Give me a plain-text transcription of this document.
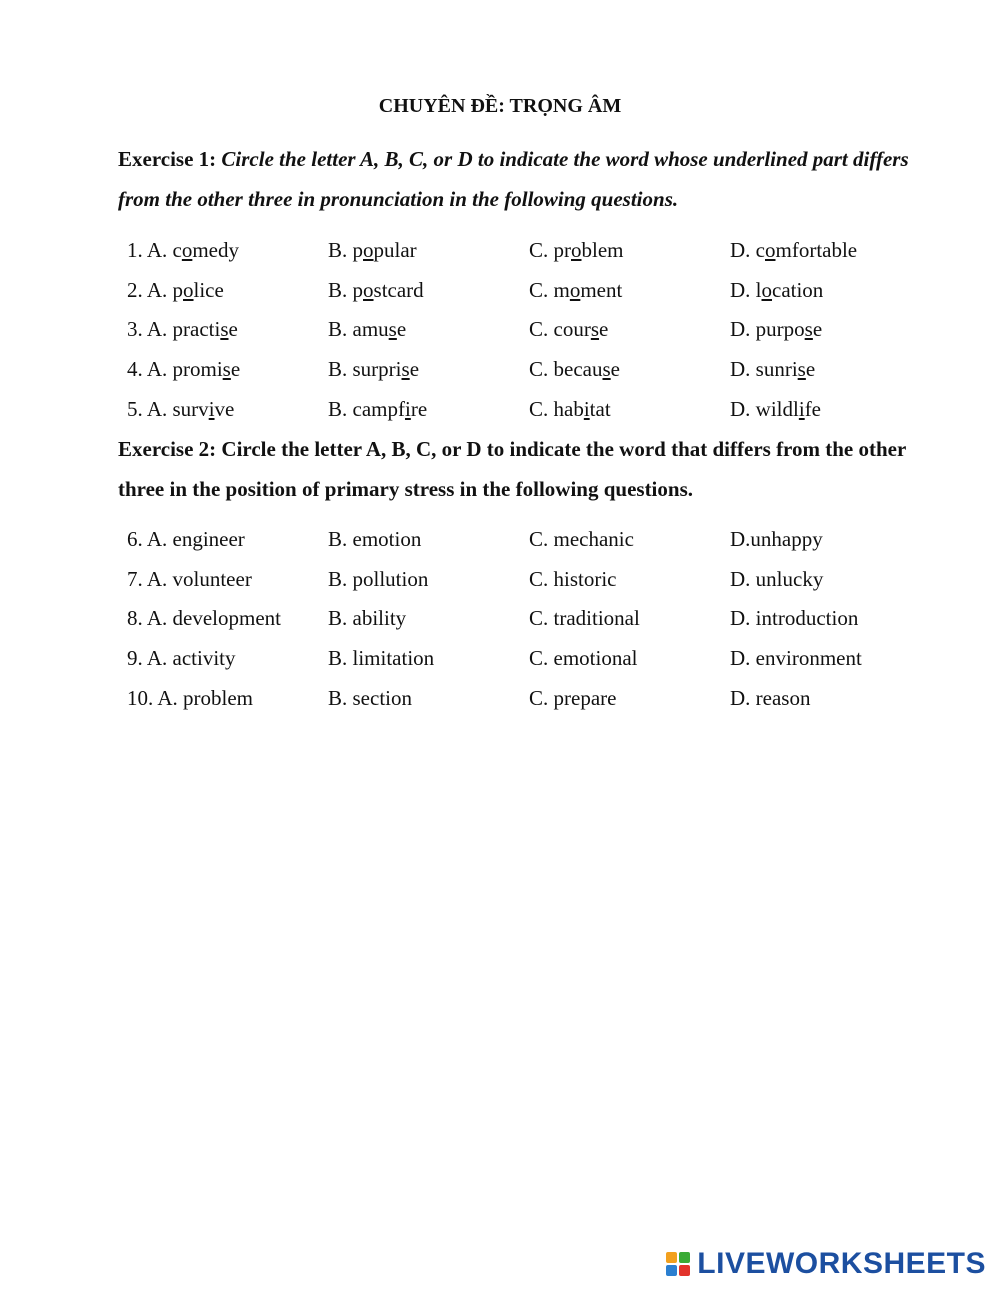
CHUYÊN ĐỀ: TRỌNG ÂM
Exercise 1: Circle the letter A, B, C, or D to indicate the word whose underlined part differs from the other three in pronunciation in the following questions.
1. A. comedy	B. popular	C. problem	D. comfortable
2. A. police	B. postcard	C. moment	D. location
3. A. practise	B. amuse	C. course	D. purpose
4. A. promise	B. surprise	C. because	D. sunrise
5. A. survive	B. campfire	C. habitat	D. wildlife
Exercise 2: Circle the letter A, B, C, or D to indicate the word that differs from the other three in the position of primary stress in the following questions.
6. A. engineer	B. emotion	C. mechanic	D.unhappy
7. A. volunteer	B. pollution	C. historic	D. unlucky
8. A. development	B. ability	C. traditional	D. introduction
9. A. activity	B. limitation	C. emotional	D. environment
10. A. problem	B. section	C. prepare	D. reason
LIVEWORKSHEETS
